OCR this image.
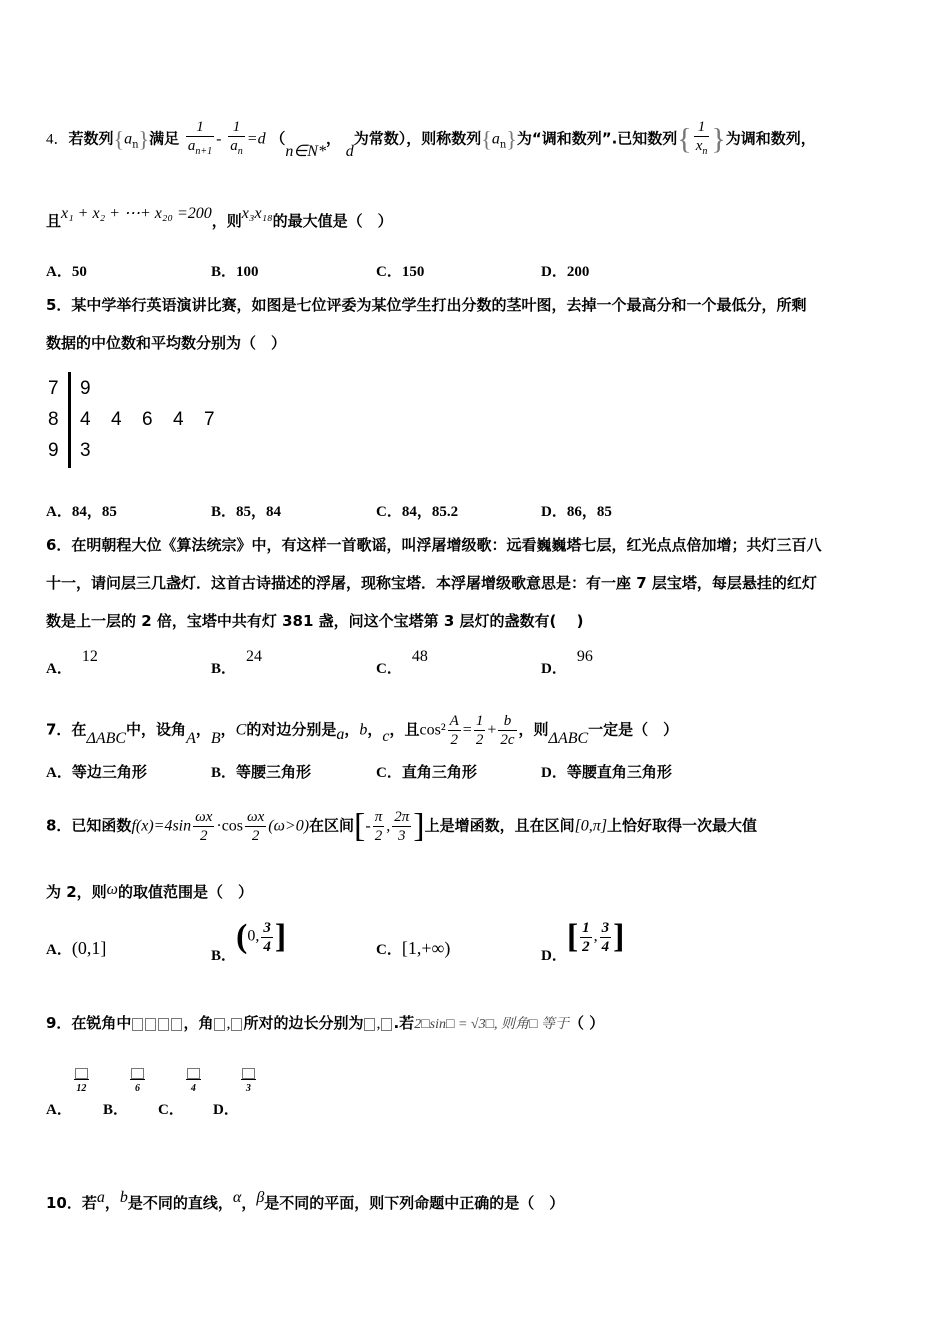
4．若数列$\{a_n\}$满足 $\frac{1}{a_{n+1}} - \frac{1}{a_n} =d$ （n∈N*， d为常数），则称数列$\{a_n\}$为“调和数列”.已知数列{ $\frac{1}{x_n}$ }为调和数列，
且x₁ + x₂ + ⋯+ x₂₀ =200，则x₃x₁₈的最大值是（　）
A．50	B．100	C．150	D．200
5．某中学举行英语演讲比赛，如图是七位评委为某位学生打出分数的茎叶图，去掉一个最高分和一个最低分，所剩
数据的中位数和平均数分别为（　）
7 9
8 4 4 6 4 7
9 3
A．84，85	B．85，84	C．84，85.2	D．86，85
6．在明朝程大位《算法统宗》中，有这样一首歌谣，叫浮屠增级歌：远看巍巍塔七层，红光点点倍加增；共灯三百八
十一，请问层三几盏灯．这首古诗描述的浮屠，现称宝塔．本浮屠增级歌意思是：有一座 7 层宝塔，每层悬挂的红灯
数是上一层的 2 倍，宝塔中共有灯 381 盏，问这个宝塔第 3 层灯的盏数有(　 )
A．12
B．24
C．48
D．96
7．在ΔABC中，设角A，B，C的对边分别是a，b，c，且$\cos^2 \frac{A}{2} = \frac{1}{2} + \frac{b}{2c}$ ，则ΔABC一定是（　）
A．等边三角形	B．等腰三角形	C．直角三角形	D．等腰直角三角形
8．已知函数$f(x)=4\sin \frac{\omega x}{2} \cdot\cos \frac{\omega x}{2} (\omega>0)$在区间[- $\frac{\pi}{2}$ , $\frac{2\pi}{3}$ ]上是增函数，且在区间[0,π]上恰好取得一次最大值
为 2，则ω的取值范围是（　）
A．(0,1]	B．(0, $\frac{3}{4}$ ]	C．[1,+∞)	D．[ $\frac{1}{2}$ , $\frac{3}{4}$ ]
9．在锐角中	，角 , 所对的边长分别为 , .若2□sin□ = √3□, 则角□ 等于（ ）
A．
12
B．
6
C．
4
D．
3
10．若a，b是不同的直线，α，β是不同的平面，则下列命题中正确的是（　）
